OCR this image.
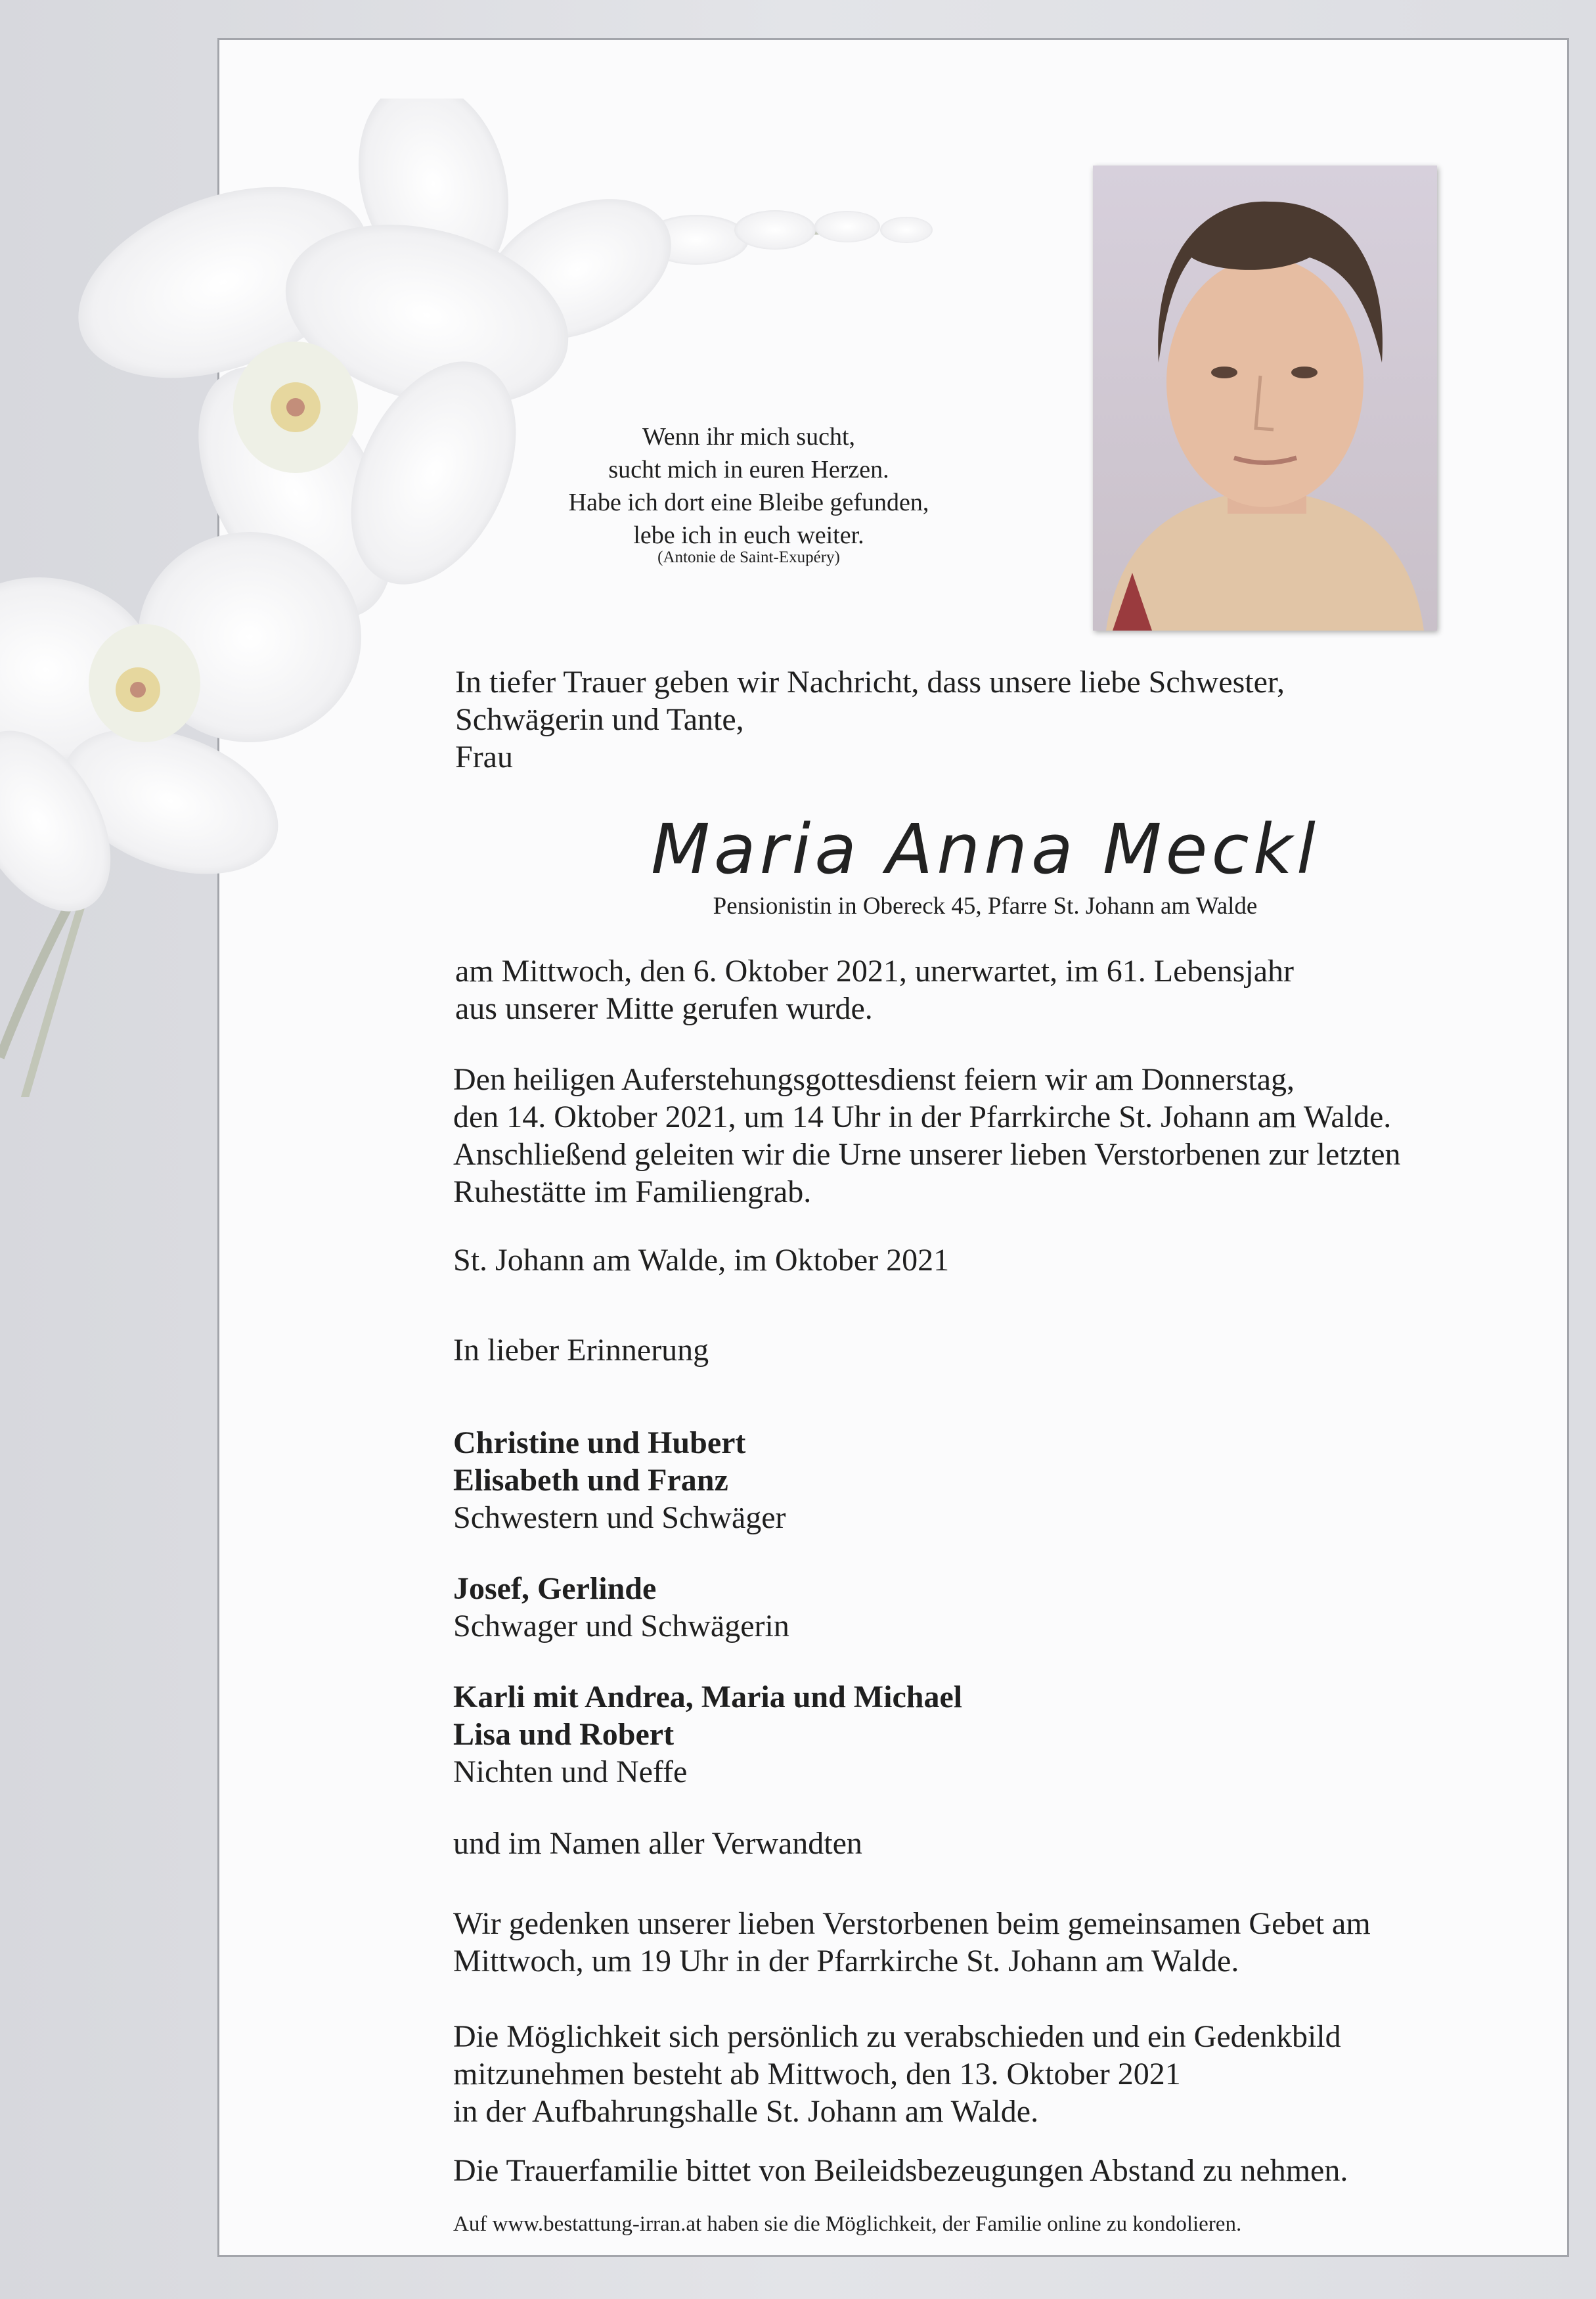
Wenn ihr mich sucht,
sucht mich in euren Herzen.
Habe ich dort eine Bleibe gefunden,
lebe ich in euch weiter.
(Antonie de Saint-Exupéry)
In tiefer Trauer geben wir Nachricht, dass unsere liebe Schwester,
Schwägerin und Tante,
Frau
Maria Anna Meckl
Pensionistin in Obereck 45, Pfarre St. Johann am Walde
am Mittwoch, den 6. Oktober 2021, unerwartet, im 61. Lebensjahr
aus unserer Mitte gerufen wurde.
Den heiligen Auferstehungsgottesdienst feiern wir am Donnerstag,
den 14. Oktober 2021, um 14 Uhr in der Pfarrkirche St. Johann am Walde.
Anschließend geleiten wir die Urne unserer lieben Verstorbenen zur letzten
Ruhestätte im Familiengrab.
St. Johann am Walde, im Oktober 2021
In lieber Erinnerung
Christine und Hubert
Elisabeth und Franz
Schwestern und Schwäger
Josef, Gerlinde
Schwager und Schwägerin
Karli mit Andrea, Maria und Michael
Lisa und Robert
Nichten und Neffe
und im Namen aller Verwandten
Wir gedenken unserer lieben Verstorbenen beim gemeinsamen Gebet am
Mittwoch, um 19 Uhr in der Pfarrkirche St. Johann am Walde.
Die Möglichkeit sich persönlich zu verabschieden und ein Gedenkbild
mitzunehmen besteht ab Mittwoch, den 13. Oktober 2021
in der Aufbahrungshalle St. Johann am Walde.
Die Trauerfamilie bittet von Beileidsbezeugungen Abstand zu nehmen.
Auf www.bestattung-irran.at haben sie die Möglichkeit, der Familie online zu kondolieren.
